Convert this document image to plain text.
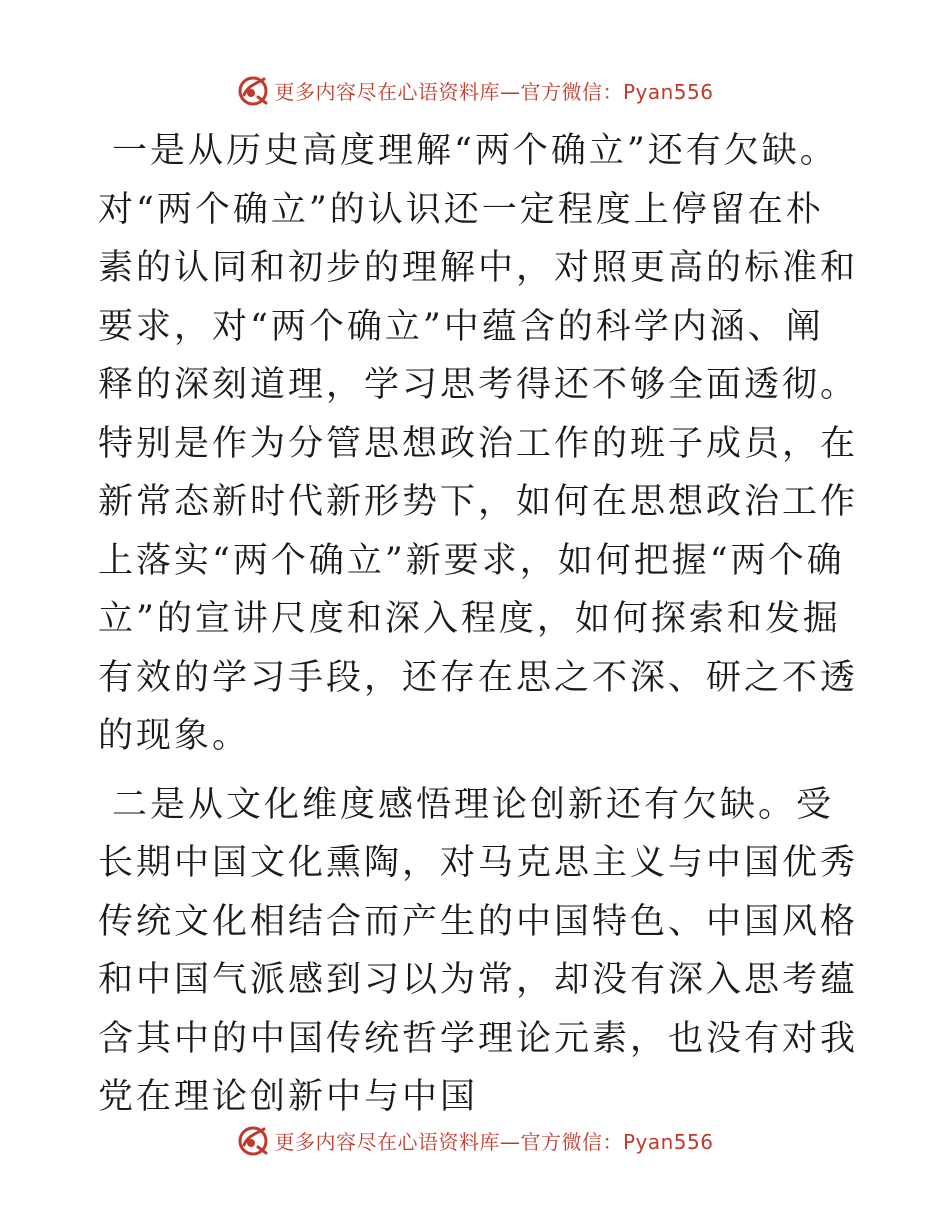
更多内容尽在心语资料库—官方微信：Pyan556

一是从历史高度理解“两个确立”还有欠缺。对“两个确立”的认识还一定程度上停留在朴素的认同和初步的理解中，对照更高的标准和要求，对“两个确立”中蕴含的科学内涵、阐释的深刻道理，学习思考得还不够全面透彻。特别是作为分管思想政治工作的班子成员，在新常态新时代新形势下，如何在思想政治工作上落实“两个确立”新要求，如何把握“两个确立”的宣讲尺度和深入程度，如何探索和发掘有效的学习手段，还存在思之不深、研之不透的现象。

二是从文化维度感悟理论创新还有欠缺。受长期中国文化熏陶，对马克思主义与中国优秀传统文化相结合而产生的中国特色、中国风格和中国气派感到习以为常，却没有深入思考蕴含其中的中国传统哲学理论元素，也没有对我党在理论创新中与中国

更多内容尽在心语资料库—官方微信：Pyan556
